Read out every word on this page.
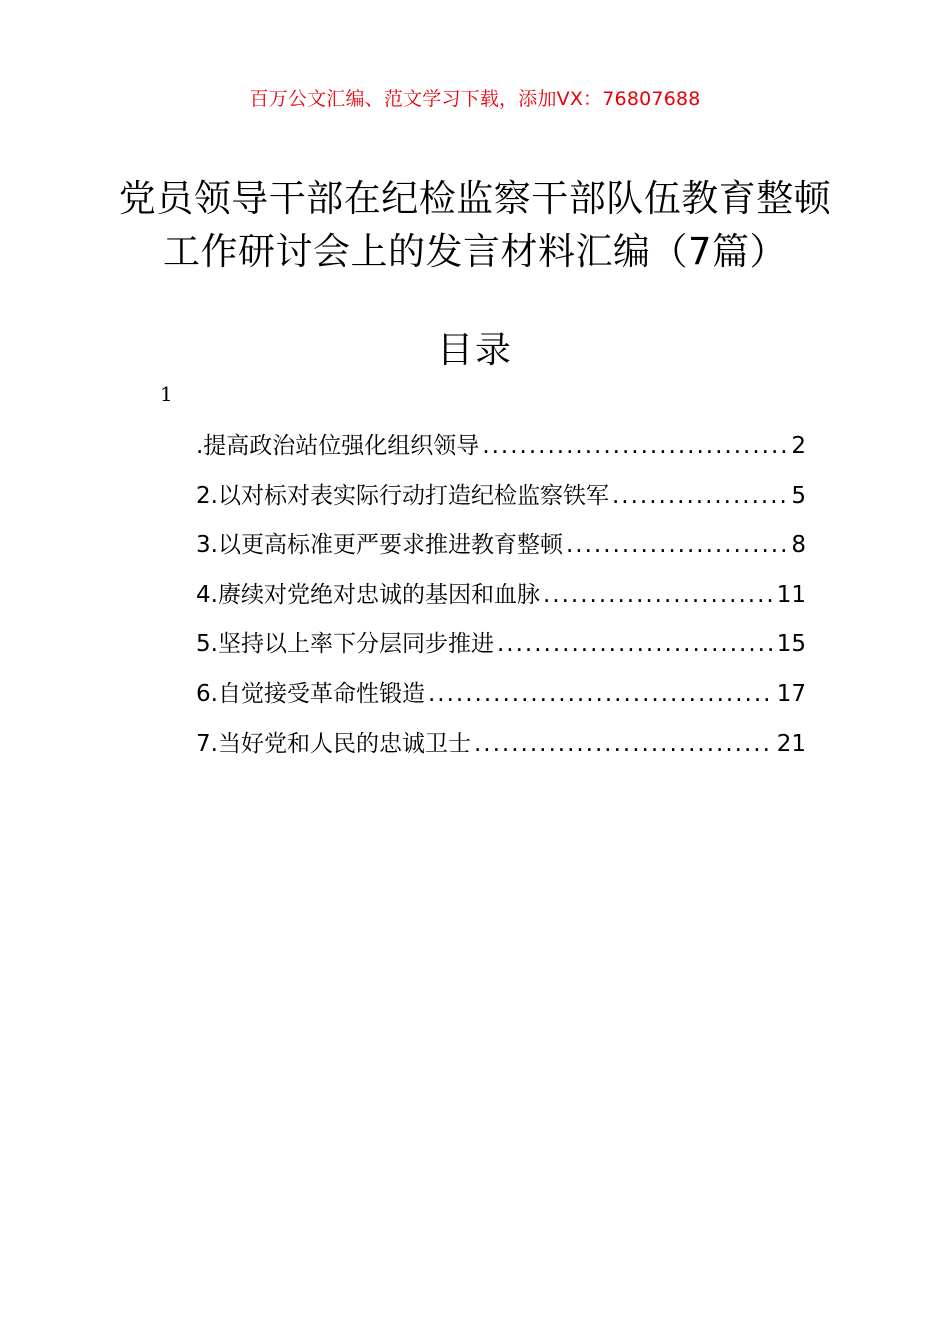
百万公文汇编、范文学习下载，添加VX：76807688
党员领导干部在纪检监察干部队伍教育整顿工作研讨会上的发言材料汇编（7篇）
目录
1
.提高政治站位强化组织领导 .....	2
2.以对标对表实际行动打造纪检监察铁军 .....	5
3.以更高标准更严要求推进教育整顿 .....	8
4.赓续对党绝对忠诚的基因和血脉 .....	11
5.坚持以上率下分层同步推进 .....	15
6.自觉接受革命性锻造 .....	17
7.当好党和人民的忠诚卫士 .....	21
